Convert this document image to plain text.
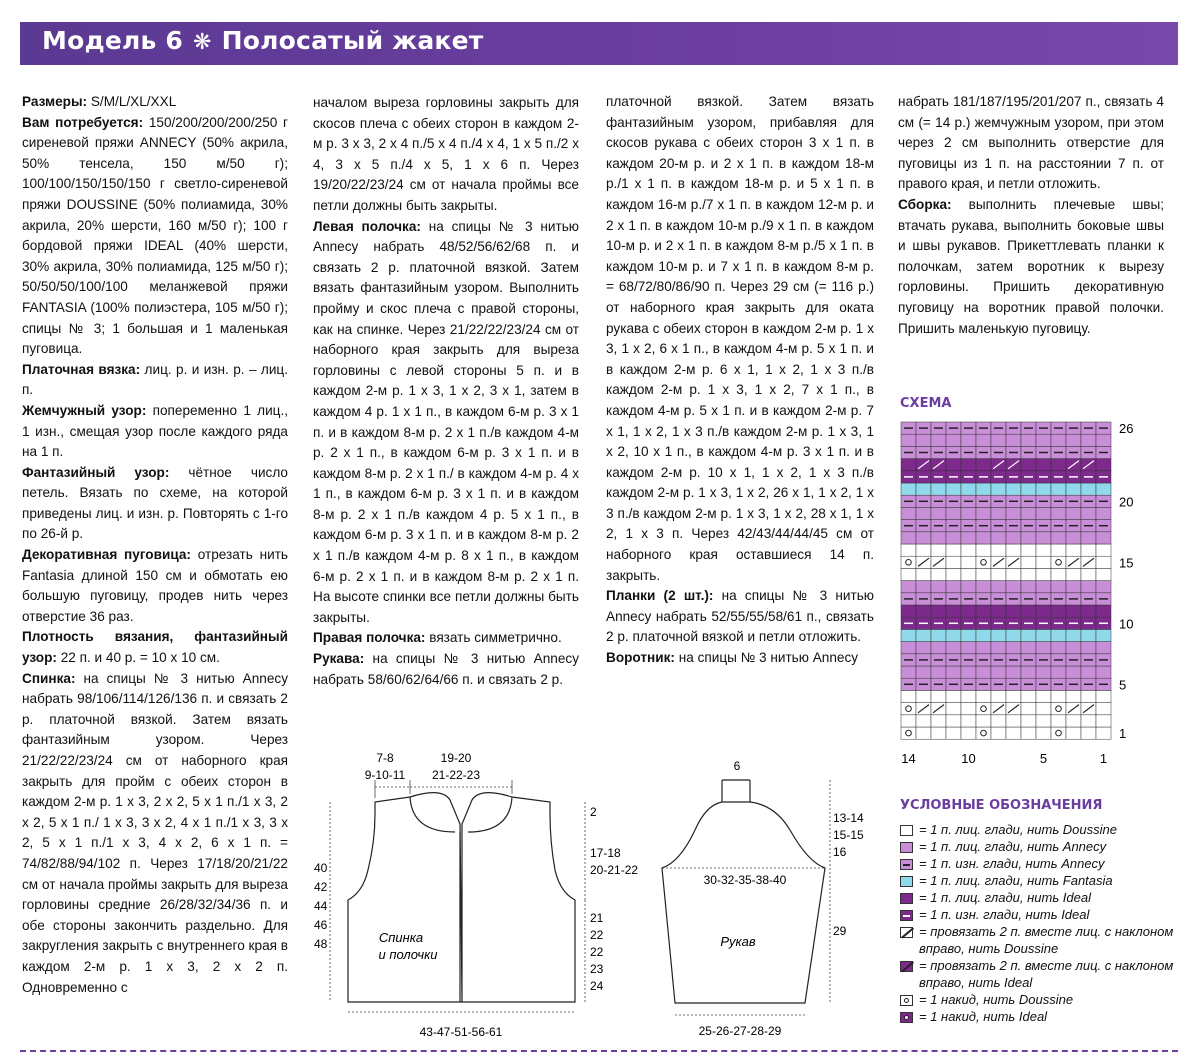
Модель 6 ❋ Полосатый жакет

Размеры: S/M/L/XL/XXL

Вам потребуется: 150/200/200/200/250 г сиреневой пряжи ANNECY (50% акрила, 50% тенсела, 150 м/50 г); 100/100/150/150/150 г светло-сиреневой пряжи DOUSSINE (50% полиамида, 30% акрила, 20% шерсти, 160 м/50 г); 100 г бордовой пряжи IDEAL (40% шерсти, 30% акрила, 30% полиамида, 125 м/50 г); 50/50/50/100/100 меланжевой пряжи FANTASIA (100% полиэстера, 105 м/50 г); спицы № 3; 1 большая и 1 маленькая пуговица.

Платочная вязка: лиц. р. и изн. р. – лиц. п.

Жемчужный узор: попеременно 1 лиц., 1 изн., смещая узор после каждого ряда на 1 п.

Фантазийный узор: чётное число петель. Вязать по схеме, на которой приведены лиц. и изн. р. Повторять с 1-го по 26-й р.

Декоративная пуговица: отрезать нить Fantasia длиной 150 см и обмотать ею большую пуговицу, продев нить через отверстие 36 раз.

Плотность вязания, фантазийный узор: 22 п. и 40 р. = 10 х 10 см.

Спинка: на спицы № 3 нитью Annecy набрать 98/106/114/126/136 п. и связать 2 р. платочной вязкой. Затем вязать фантазийным узором. Через 21/22/22/23/24 см от наборного края закрыть для пройм с обеих сторон в каждом 2-м р. 1 х 3, 2 х 2, 5 х 1 п./1 х 3, 2 х 2, 5 х 1 п./ 1 х 3, 3 х 2, 4 х 1 п./1 х 3, 3 х 2, 5 х 1 п./1 х 3, 4 х 2, 6 х 1 п. = 74/82/88/94/102 п. Через 17/18/20/21/22 см от начала проймы закрыть для выреза горловины средние 26/28/32/34/36 п. и обе стороны закончить раздельно. Для закругления закрыть с внутреннего края в каждом 2-м р. 1 х 3, 2 х 2 п. Одновременно с

началом выреза горловины закрыть для скосов плеча с обеих сторон в каждом 2-м р. 3 х 3, 2 х 4 п./5 х 4 п./4 х 4, 1 х 5 п./2 х 4, 3 х 5 п./4 х 5, 1 х 6 п. Через 19/20/22/23/24 см от начала проймы все петли должны быть закрыты.

Левая полочка: на спицы № 3 нитью Annecy набрать 48/52/56/62/68 п. и связать 2 р. платочной вязкой. Затем вязать фантазийным узором. Выполнить пройму и скос плеча с правой стороны, как на спинке. Через 21/22/22/23/24 см от наборного края закрыть для выреза горловины с левой стороны 5 п. и в каждом 2-м р. 1 х 3, 1 х 2, 3 х 1, затем в каждом 4 р. 1 х 1 п., в каждом 6-м р. 3 х 1 п. и в каждом 8-м р. 2 х 1 п./в каждом 4-м р. 2 х 1 п., в каждом 6-м р. 3 х 1 п. и в каждом 8-м р. 2 х 1 п./ в каждом 4-м р. 4 х 1 п., в каждом 6-м р. 3 х 1 п. и в каждом 8-м р. 2 х 1 п./в каждом 4 р. 5 х 1 п., в каждом 6-м р. 3 х 1 п. и в каждом 8-м р. 2 х 1 п./в каждом 4-м р. 8 х 1 п., в каждом 6-м р. 2 х 1 п. и в каждом 8-м р. 2 х 1 п. На высоте спинки все петли должны быть закрыты.

Правая полочка: вязать симметрично.

Рукава: на спицы № 3 нитью Annecy набрать 58/60/62/64/66 п. и связать 2 р.

платочной вязкой. Затем вязать фантазийным узором, прибавляя для скосов рукава с обеих сторон 3 х 1 п. в каждом 20-м р. и 2 х 1 п. в каждом 18-м р./1 х 1 п. в каждом 18-м р. и 5 х 1 п. в каждом 16-м р./7 х 1 п. в каждом 12-м р. и 2 х 1 п. в каждом 10-м р./9 х 1 п. в каждом 10-м р. и 2 х 1 п. в каждом 8-м р./5 х 1 п. в каждом 10-м р. и 7 х 1 п. в каждом 8-м р. = 68/72/80/86/90 п. Через 29 см (= 116 р.) от наборного края закрыть для оката рукава с обеих сторон в каждом 2-м р. 1 х 3, 1 х 2, 6 х 1 п., в каждом 4-м р. 5 х 1 п. и в каждом 2-м р. 6 х 1, 1 х 2, 1 х 3 п./в каждом 2-м р. 1 х 3, 1 х 2, 7 х 1 п., в каждом 4-м р. 5 х 1 п. и в каждом 2-м р. 7 х 1, 1 х 2, 1 х 3 п./в каждом 2-м р. 1 х 3, 1 х 2, 10 х 1 п., в каждом 4-м р. 3 х 1 п. и в каждом 2-м р. 10 х 1, 1 х 2, 1 х 3 п./в каждом 2-м р. 1 х 3, 1 х 2, 26 х 1, 1 х 2, 1 х 3 п./в каждом 2-м р. 1 х 3, 1 х 2, 28 х 1, 1 х 2, 1 х 3 п. Через 42/43/44/44/45 см от наборного края оставшиеся 14 п. закрыть.

Планки (2 шт.): на спицы № 3 нитью Annecy набрать 52/55/55/58/61 п., связать 2 р. платочной вязкой и петли отложить.

Воротник: на спицы № 3 нитью Annecy

набрать 181/187/195/201/207 п., связать 4 см (= 14 р.) жемчужным узором, при этом через 2 см выполнить отверстие для пуговицы из 1 п. на расстоянии 7 п. от правого края, и петли отложить.

Сборка: выполнить плечевые швы; втачать рукава, выполнить боковые швы и швы рукавов. Прикеттлевать планки к полочкам, затем воротник к вырезу горловины. Пришить декоративную пуговицу на воротник правой полочки. Пришить маленькую пуговицу.

СХЕМА
26
20
15
10
5
1
14	10	5	1
УСЛОВНЫЕ ОБОЗНАЧЕНИЯ
= 1 п. лиц. глади, нить Doussine
= 1 п. лиц. глади, нить Annecy
= 1 п. изн. глади, нить Annecy
= 1 п. лиц. глади, нить Fantasia
= 1 п. лиц. глади, нить Ideal
= 1 п. изн. глади, нить Ideal
= провязать 2 п. вместе лиц. с наклоном вправо, нить Doussine
= провязать 2 п. вместе лиц. с наклоном вправо, нить Ideal
= 1 накид, нить Doussine
= 1 накид, нить Ideal
Спинка и полочки
7-8 9-10-11
19-20 21-22-23
2
17-18 20-21-22
40 42 44 46 48
21 22 22 23 24
43-47-51-56-61
Рукав
6
13-14 15-15 16
30-32-35-38-40
29
25-26-27-28-29
